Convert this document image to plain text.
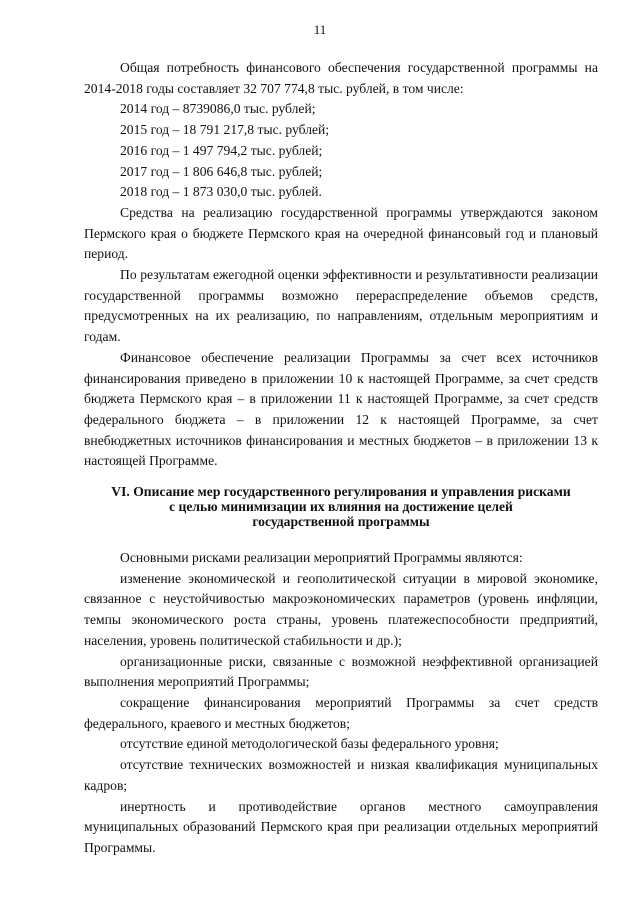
11

Общая потребность финансового обеспечения государственной программы на 2014-2018 годы составляет 32 707 774,8 тыс. рублей, в том числе:

2014 год – 8739086,0 тыс. рублей;

2015 год – 18 791 217,8 тыс. рублей;

2016 год – 1 497 794,2 тыс. рублей;

2017 год – 1 806 646,8 тыс. рублей;

2018 год – 1 873 030,0 тыс. рублей.

Средства на реализацию государственной программы утверждаются законом Пермского края о бюджете Пермского края на очередной финансовый год и плановый период.

По результатам ежегодной оценки эффективности и результативности реализации государственной программы возможно перераспределение объемов средств, предусмотренных на их реализацию, по направлениям, отдельным мероприятиям и годам.

Финансовое обеспечение реализации Программы за счет всех источников финансирования приведено в приложении 10 к настоящей Программе, за счет средств бюджета Пермского края – в приложении 11 к настоящей Программе, за счет средств федерального бюджета – в приложении 12 к настоящей Программе, за счет внебюджетных источников финансирования и местных бюджетов – в приложении 13 к настоящей Программе.

VI. Описание мер государственного регулирования и управления рисками
с целью минимизации их влияния на достижение целей
государственной программы

Основными рисками реализации мероприятий Программы являются:

изменение экономической и геополитической ситуации в мировой экономике, связанное с неустойчивостью макроэкономических параметров (уровень инфляции, темпы экономического роста страны, уровень платежеспособности предприятий, населения, уровень политической стабильности и др.);

организационные риски, связанные с возможной неэффективной организацией выполнения мероприятий Программы;

сокращение финансирования мероприятий Программы за счет средств федерального, краевого и местных бюджетов;

отсутствие единой методологической базы федерального уровня;

отсутствие технических возможностей и низкая квалификация муниципальных кадров;

инертность и противодействие органов местного самоуправления муниципальных образований Пермского края при реализации отдельных мероприятий Программы.
